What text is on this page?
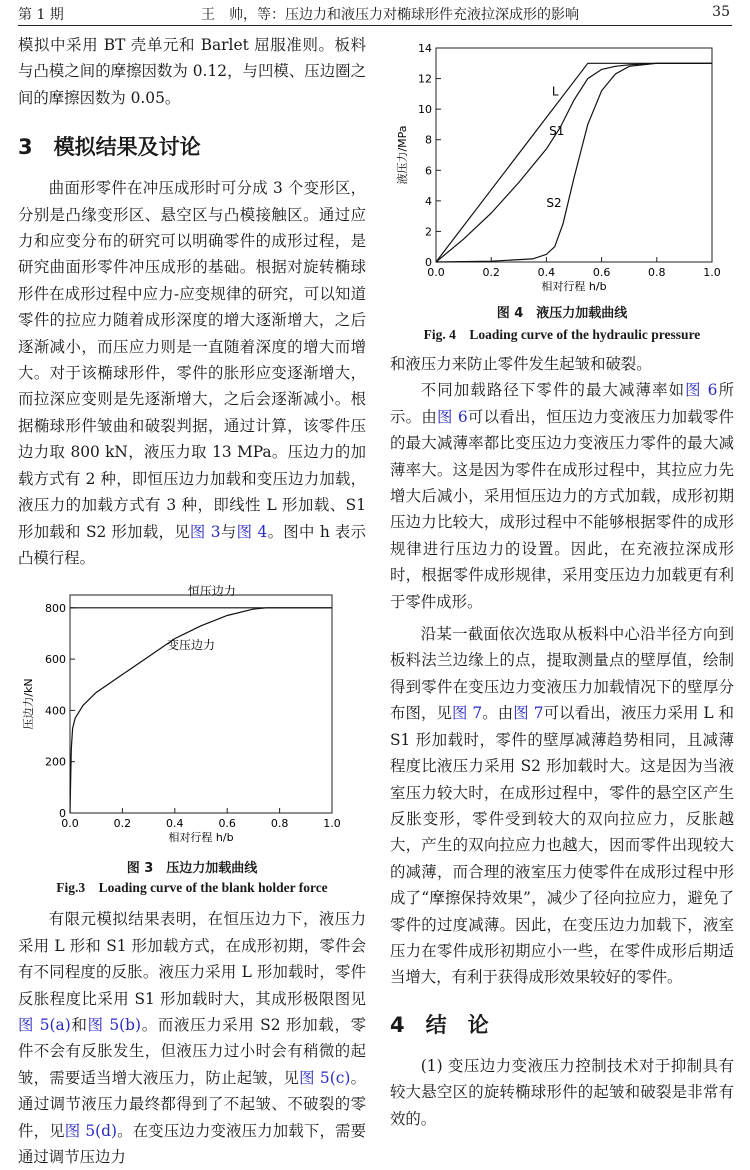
第 1 期	王　帅，等：压边力和液压力对椭球形件充液拉深成形的影响	35

模拟中采用 BT 壳单元和 Barlet 屈服准则。板料与凸模之间的摩擦因数为 0.12，与凹模、压边圈之间的摩擦因数为 0.05。

3　模拟结果及讨论

曲面形零件在冲压成形时可分成 3 个变形区，分别是凸缘变形区、悬空区与凸模接触区。通过应力和应变分布的研究可以明确零件的成形过程，是研究曲面形零件冲压成形的基础。根据对旋转椭球形件在成形过程中应力-应变规律的研究，可以知道零件的拉应力随着成形深度的增大逐渐增大，之后逐渐减小，而压应力则是一直随着深度的增大而增大。对于该椭球形件，零件的胀形应变逐渐增大，而拉深应变则是先逐渐增大，之后会逐渐减小。根据椭球形件皱曲和破裂判据，通过计算，该零件压边力取 800 kN，液压力取 13 MPa。压边力的加载方式有 2 种，即恒压边力加载和变压边力加载，液压力的加载方式有 3 种，即线性 L 形加载、S1 形加载和 S2 形加载，见图 3与图 4。图中 h 表示凸模行程。

0.0	0.2	0.4	0.6	0.8	1.0
0
200
400
600
800
相对行程 h/b
压边力/kN
恒压边力
变压边力

图 3　压边力加载曲线

Fig.3　Loading curve of the blank holder force

有限元模拟结果表明，在恒压边力下，液压力采用 L 形和 S1 形加载方式，在成形初期，零件会有不同程度的反胀。液压力采用 L 形加载时，零件反胀程度比采用 S1 形加载时大，其成形极限图见图 5(a)和图 5(b)。而液压力采用 S2 形加载，零件不会有反胀发生，但液压力过小时会有稍微的起皱，需要适当增大液压力，防止起皱，见图 5(c)。通过调节液压力最终都得到了不起皱、不破裂的零件，见图 5(d)。在变压边力变液压力加载下，需要通过调节压边力

0.0	0.2	0.4	0.6	0.8	1.0
0
2
4
6
8
10
12
14
相对行程 h/b
液压力/MPa
L
S1
S2

图 4　液压力加载曲线

Fig. 4　Loading curve of the hydraulic pressure

和液压力来防止零件发生起皱和破裂。

不同加载路径下零件的最大减薄率如图 6所示。由图 6可以看出，恒压边力变液压力加载零件的最大减薄率都比变压边力变液压力零件的最大减薄率大。这是因为零件在成形过程中，其拉应力先增大后减小，采用恒压边力的方式加载，成形初期压边力比较大，成形过程中不能够根据零件的成形规律进行压边力的设置。因此，在充液拉深成形时，根据零件成形规律，采用变压边力加载更有利于零件成形。

沿某一截面依次选取从板料中心沿半径方向到板料法兰边缘上的点，提取测量点的壁厚值，绘制得到零件在变压边力变液压力加载情况下的壁厚分布图，见图 7。由图 7可以看出，液压力采用 L 和 S1 形加载时，零件的壁厚减薄趋势相同，且减薄程度比液压力采用 S2 形加载时大。这是因为当液室压力较大时，在成形过程中，零件的悬空区产生反胀变形，零件受到较大的双向拉应力，反胀越大，产生的双向拉应力也越大，因而零件出现较大的减薄，而合理的液室压力使零件在成形过程中形成了“摩擦保持效果”，减少了径向拉应力，避免了零件的过度减薄。因此，在变压边力加载下，液室压力在零件成形初期应小一些，在零件成形后期适当增大，有利于获得成形效果较好的零件。

4　结　论

(1) 变压边力变液压力控制技术对于抑制具有较大悬空区的旋转椭球形件的起皱和破裂是非常有效的。
